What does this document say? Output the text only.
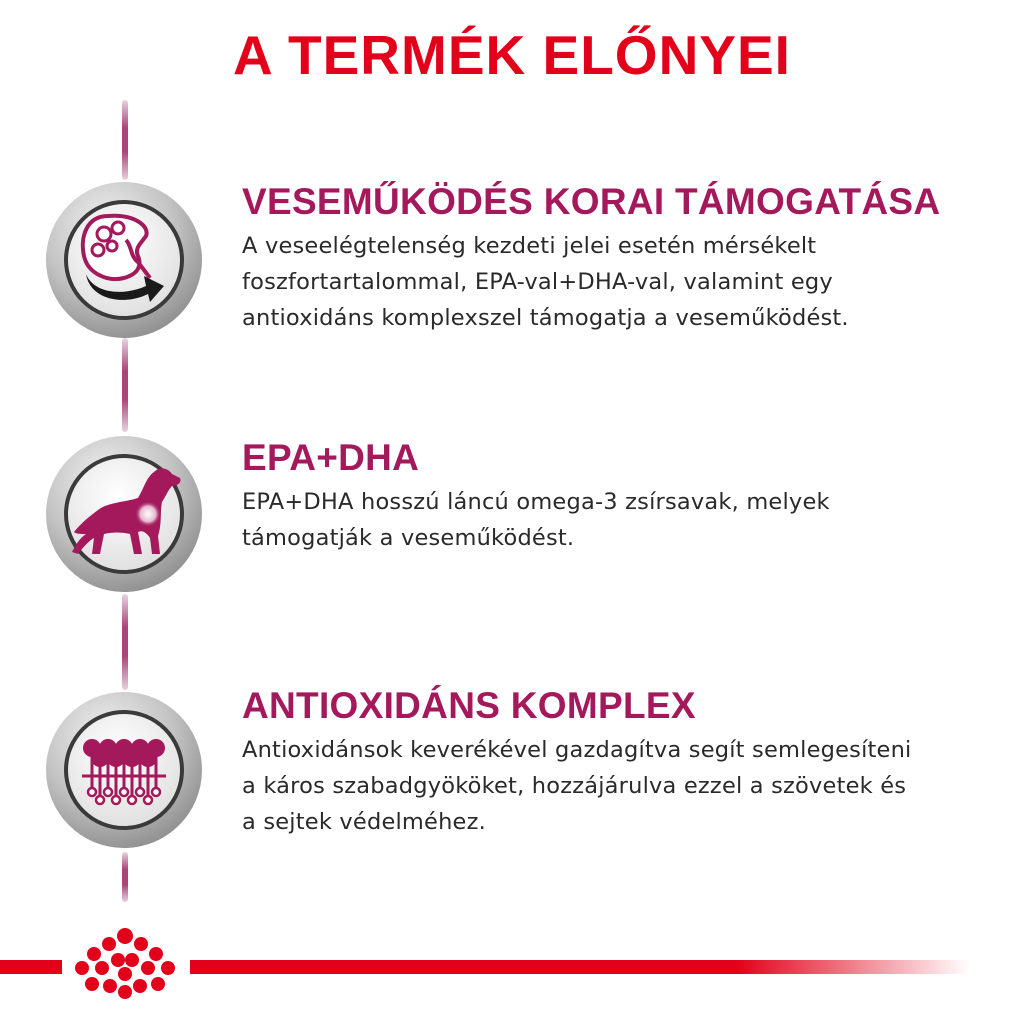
A TERMÉK ELŐNYEI
VESEMŰKÖDÉS KORAI TÁMOGATÁSA

A veseelégtelenség kezdeti jelei esetén mérsékelt
foszfortartalommal, EPA-val+DHA-val, valamint egy
antioxidáns komplexszel támogatja a veseműködést.

EPA+DHA

EPA+DHA hosszú láncú omega-3 zsírsavak, melyek
támogatják a veseműködést.

ANTIOXIDÁNS KOMPLEX

Antioxidánsok keverékével gazdagítva segít semlegesíteni
a káros szabadgyököket, hozzájárulva ezzel a szövetek és
a sejtek védelméhez.
